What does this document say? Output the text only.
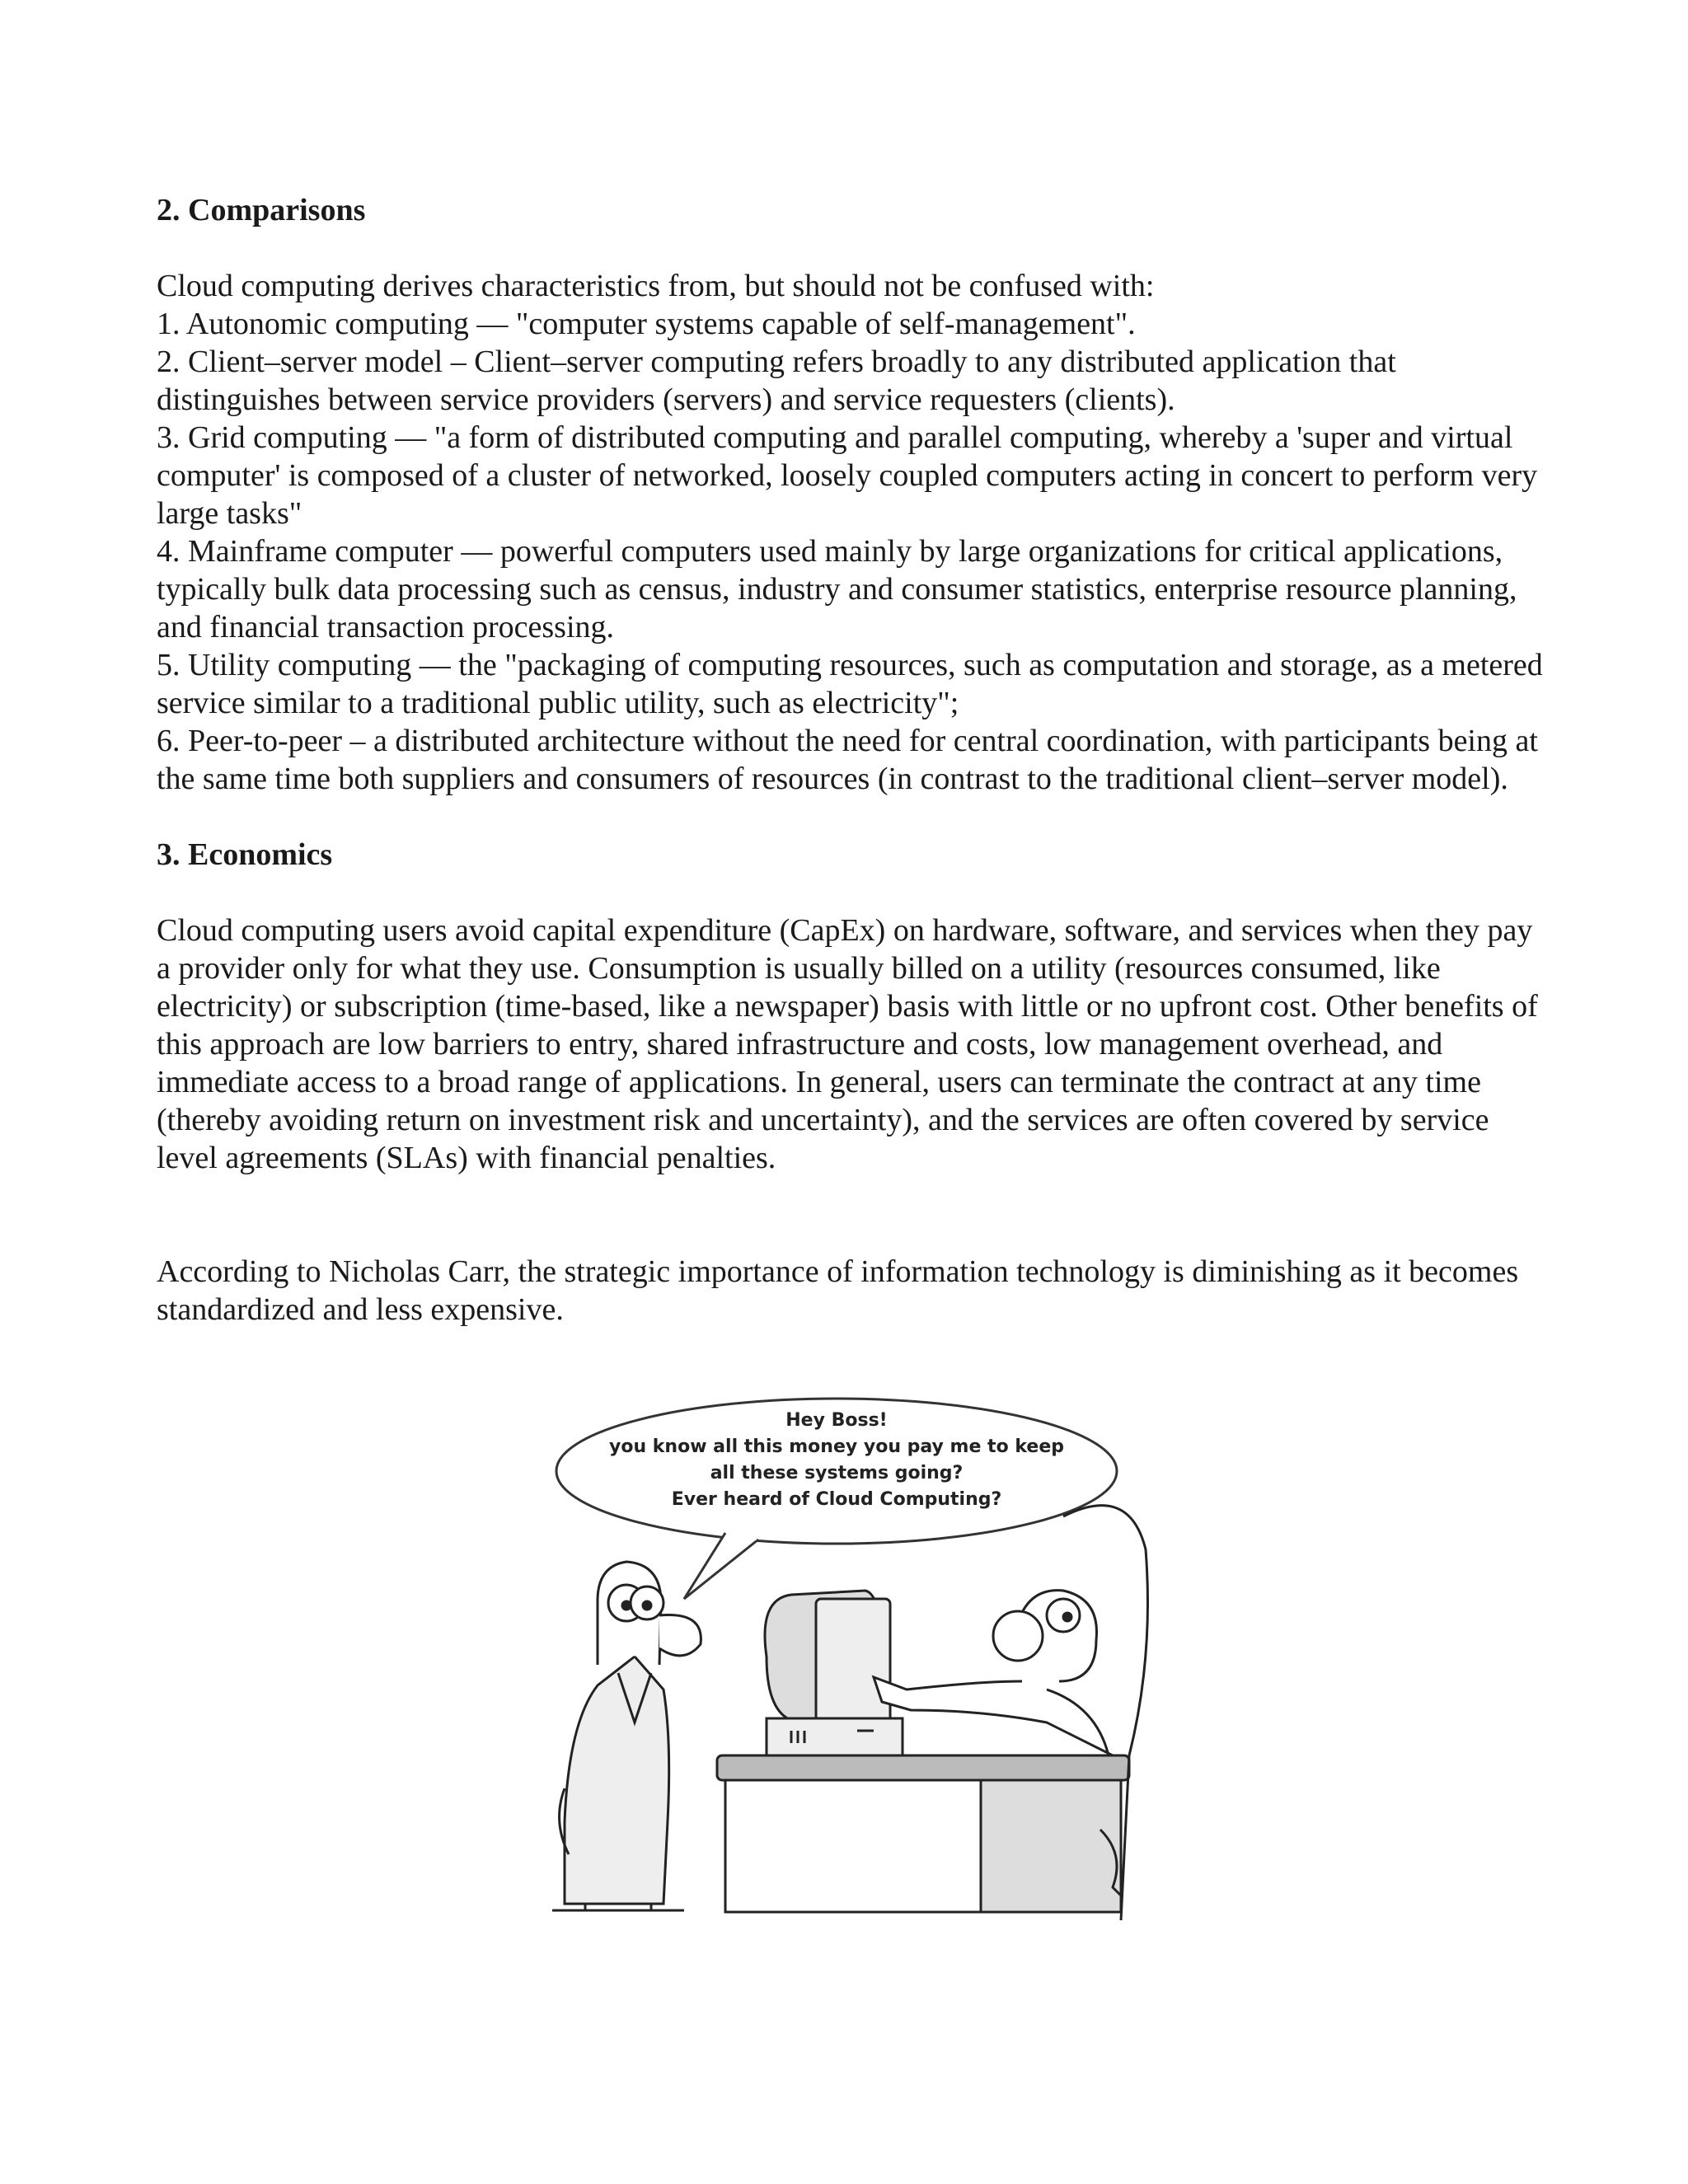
2. Comparisons

Cloud computing derives characteristics from, but should not be confused with:

1. Autonomic computing — "computer systems capable of self-management".

2. Client–server model – Client–server computing refers broadly to any distributed application that distinguishes between service providers (servers) and service requesters (clients).

3. Grid computing — "a form of distributed computing and parallel computing, whereby a 'super and virtual computer' is composed of a cluster of networked, loosely coupled computers acting in concert to perform very large tasks"

4. Mainframe computer — powerful computers used mainly by large organizations for critical applications, typically bulk data processing such as census, industry and consumer statistics, enterprise resource planning, and financial transaction processing.

5. Utility computing — the "packaging of computing resources, such as computation and storage, as a metered service similar to a traditional public utility, such as electricity";

6. Peer-to-peer – a distributed architecture without the need for central coordination, with participants being at the same time both suppliers and consumers of resources (in contrast to the traditional client–server model).

3. Economics

Cloud computing users avoid capital expenditure (CapEx) on hardware, software, and services when they pay a provider only for what they use. Consumption is usually billed on a utility (resources consumed, like electricity) or subscription (time-based, like a newspaper) basis with little or no upfront cost. Other benefits of this approach are low barriers to entry, shared infrastructure and costs, low management overhead, and immediate access to a broad range of applications. In general, users can terminate the contract at any time (thereby avoiding return on investment risk and uncertainty), and the services are often covered by service level agreements (SLAs) with financial penalties.

According to Nicholas Carr, the strategic importance of information technology is diminishing as it becomes standardized and less expensive.

Hey Boss!
you know all this money you pay me to keep
all these systems going?
Ever heard of Cloud Computing?
